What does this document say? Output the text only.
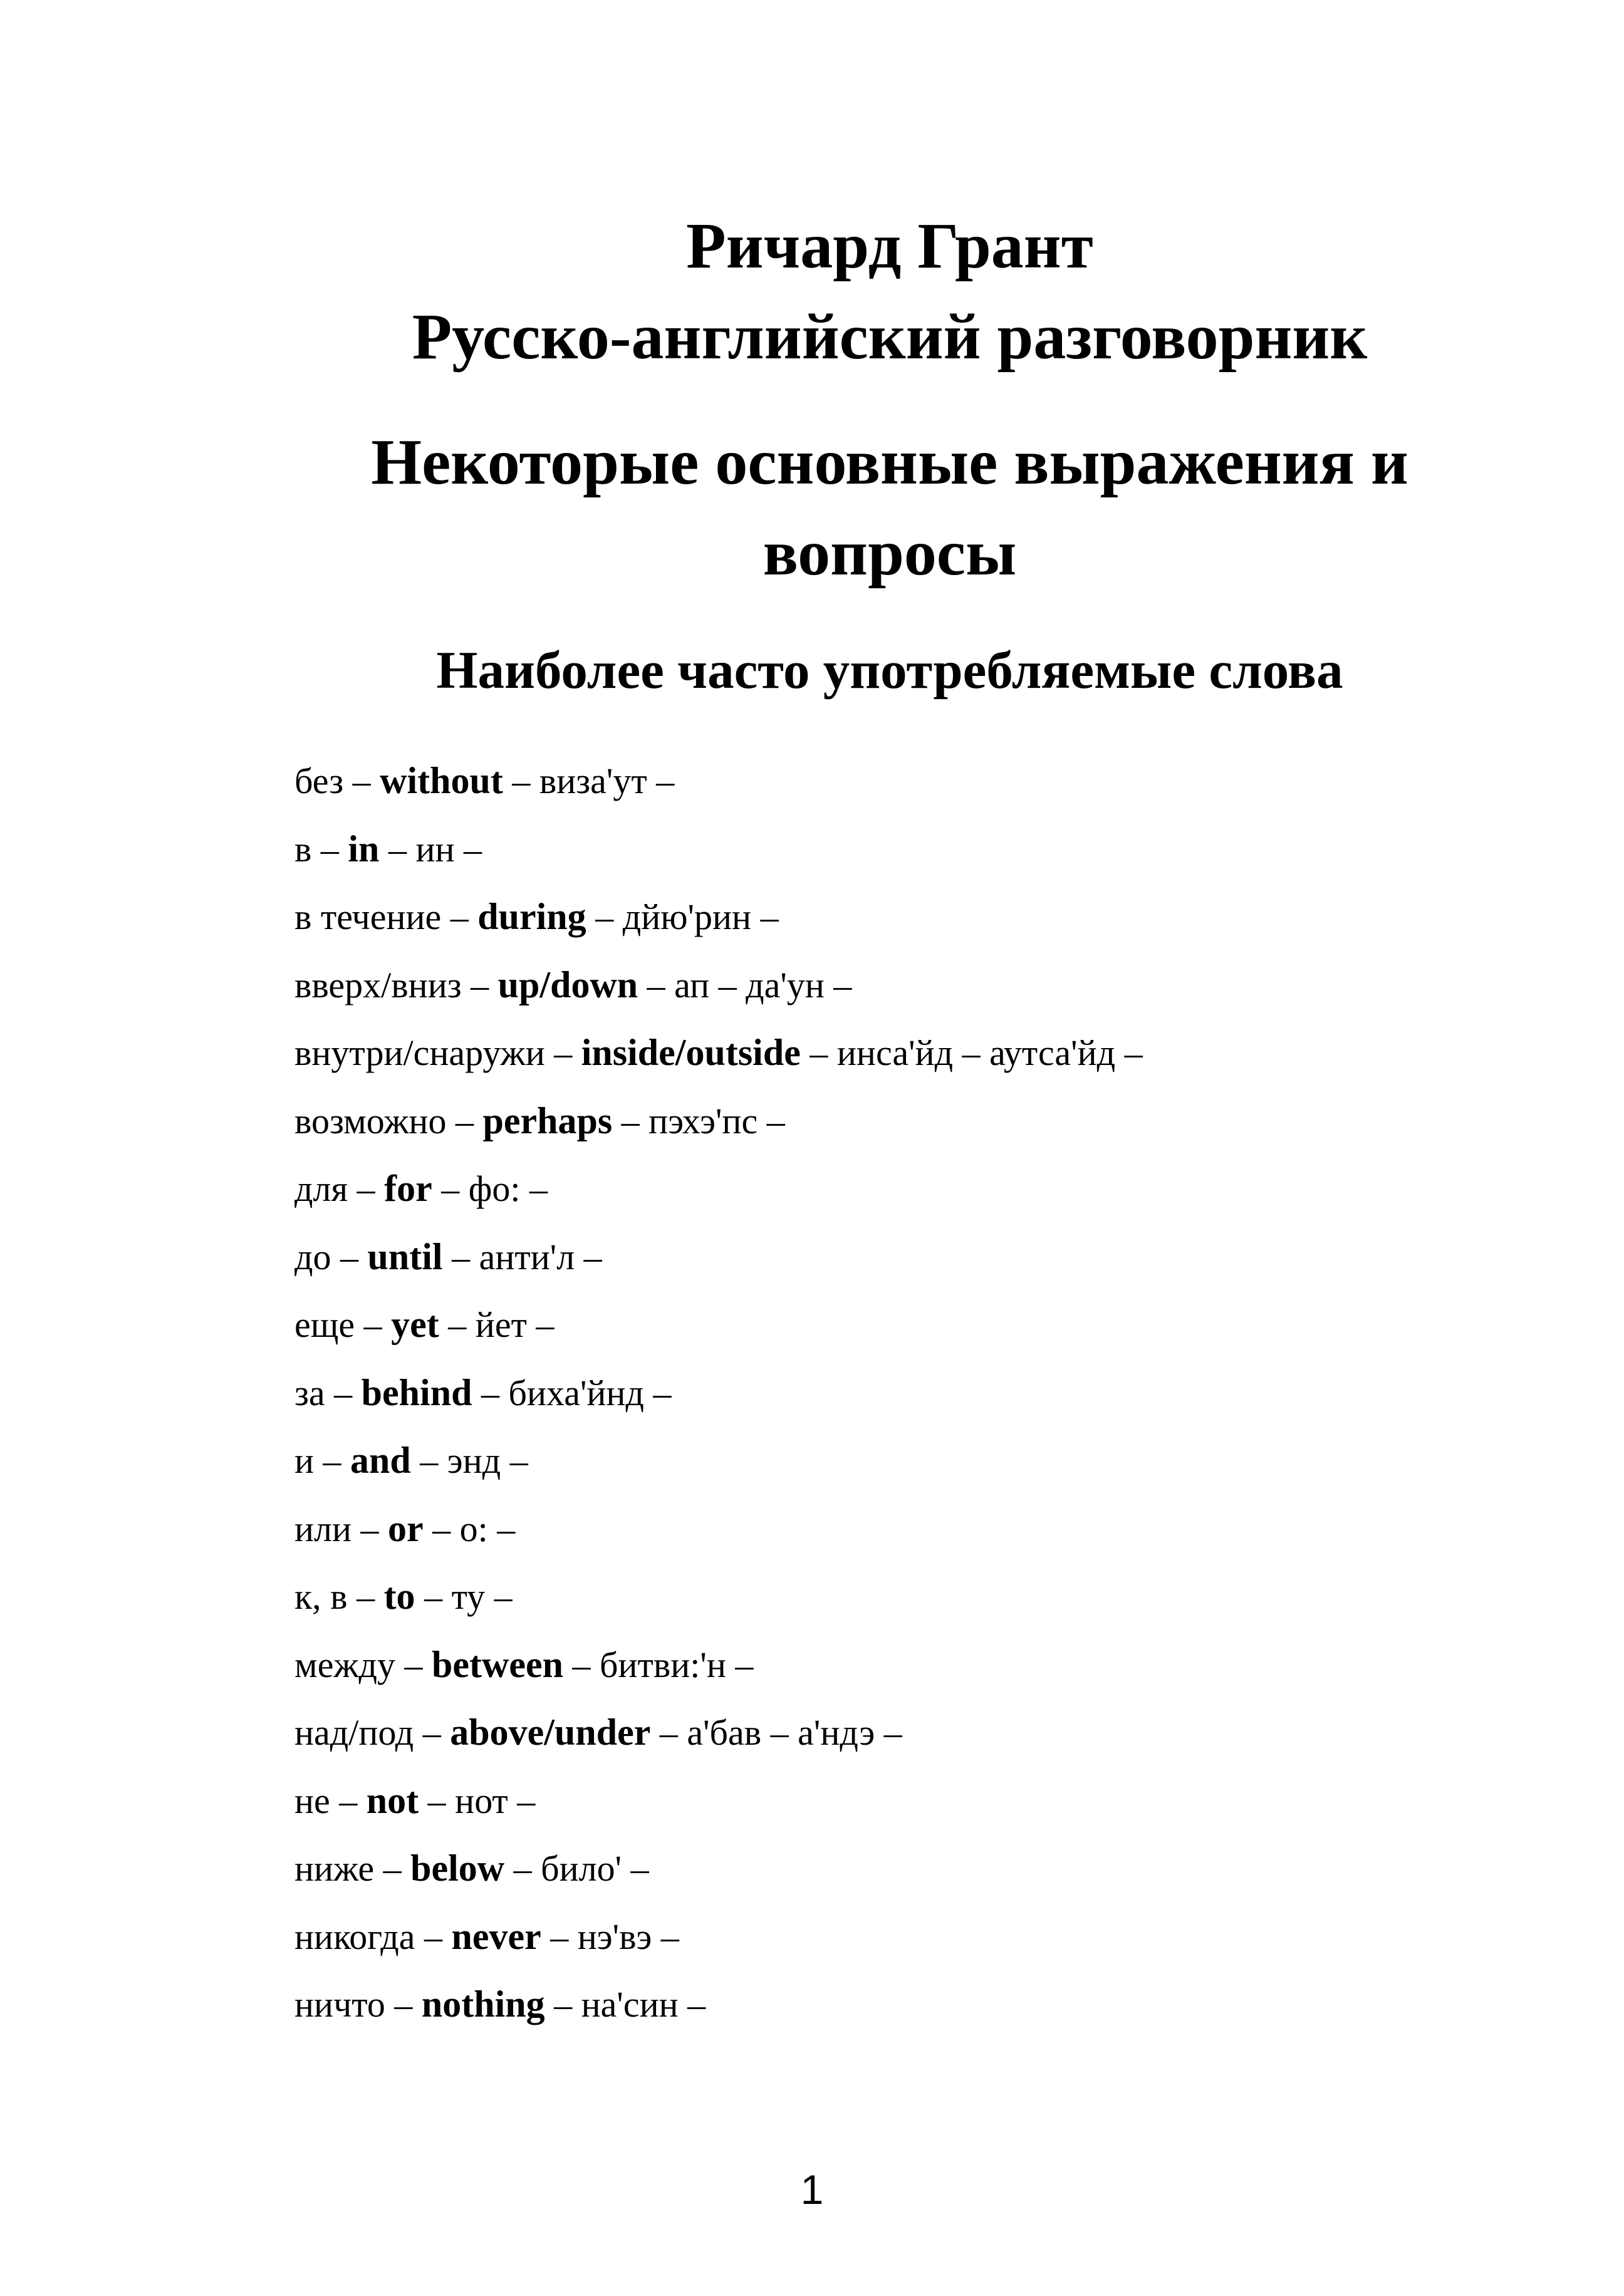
Ричард Грант
Русско-английский разговорник
Некоторые основные выражения и
вопросы
Наиболее часто употребляемые слова
без – without – виза'ут –
в – in – ин –
в течение – during – дйю'рин –
вверх/вниз – up/down – ап – да'ун –
внутри/снаружи – inside/outside – инса'йд – аутса'йд –
возможно – perhaps – пэхэ'пс –
для – for – фо: –
до – until – анти'л –
еще – yet – йет –
за – behind – биха'йнд –
и – and – энд –
или – or – о: –
к, в – to – ту –
между – between – битви:'н –
над/под – above/under – а'бав – а'ндэ –
не – not – нот –
ниже – below – било' –
никогда – never – нэ'вэ –
ничто – nothing – на'син –
1
